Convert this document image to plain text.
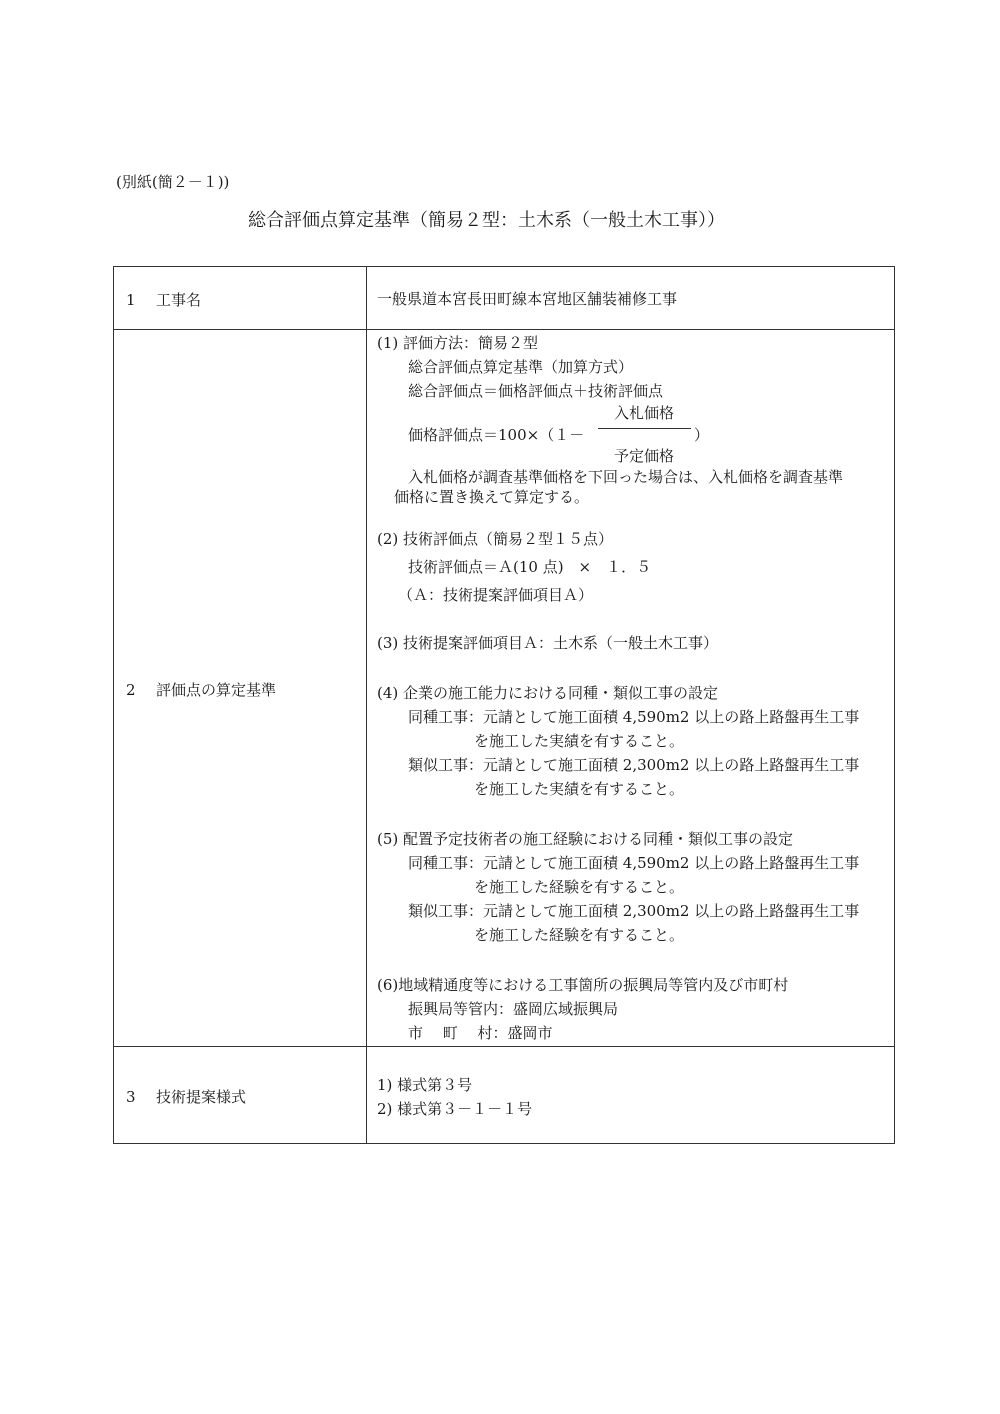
(別紙(簡２－１))
総合評価点算定基準（簡易２型：土木系（一般土木工事））
1 工事名	一般県道本宮長田町線本宮地区舗装補修工事
2 評価点の算定基準
(1) 評価方法：簡易２型
総合評価点算定基準（加算方式）
総合評価点＝価格評価点＋技術評価点
入札価格
価格評価点＝100×（１－	）
予定価格
入札価格が調査基準価格を下回った場合は、入札価格を調査基準
価格に置き換えて算定する。
(2) 技術評価点（簡易２型１５点）
技術評価点＝Ａ(10 点)　×　１．５
（Ａ：技術提案評価項目Ａ）
(3) 技術提案評価項目Ａ：土木系（一般土木工事）
(4) 企業の施工能力における同種・類似工事の設定
同種工事：元請として施工面積 4,590m2 以上の路上路盤再生工事
を施工した実績を有すること。
類似工事：元請として施工面積 2,300m2 以上の路上路盤再生工事
を施工した実績を有すること。
(5) 配置予定技術者の施工経験における同種・類似工事の設定
同種工事：元請として施工面積 4,590m2 以上の路上路盤再生工事
を施工した経験を有すること。
類似工事：元請として施工面積 2,300m2 以上の路上路盤再生工事
を施工した経験を有すること。
(6)地域精通度等における工事箇所の振興局等管内及び市町村
振興局等管内：盛岡広域振興局
市　 町　 村：盛岡市
3 技術提案様式
1) 様式第３号
2) 様式第３－１－１号
